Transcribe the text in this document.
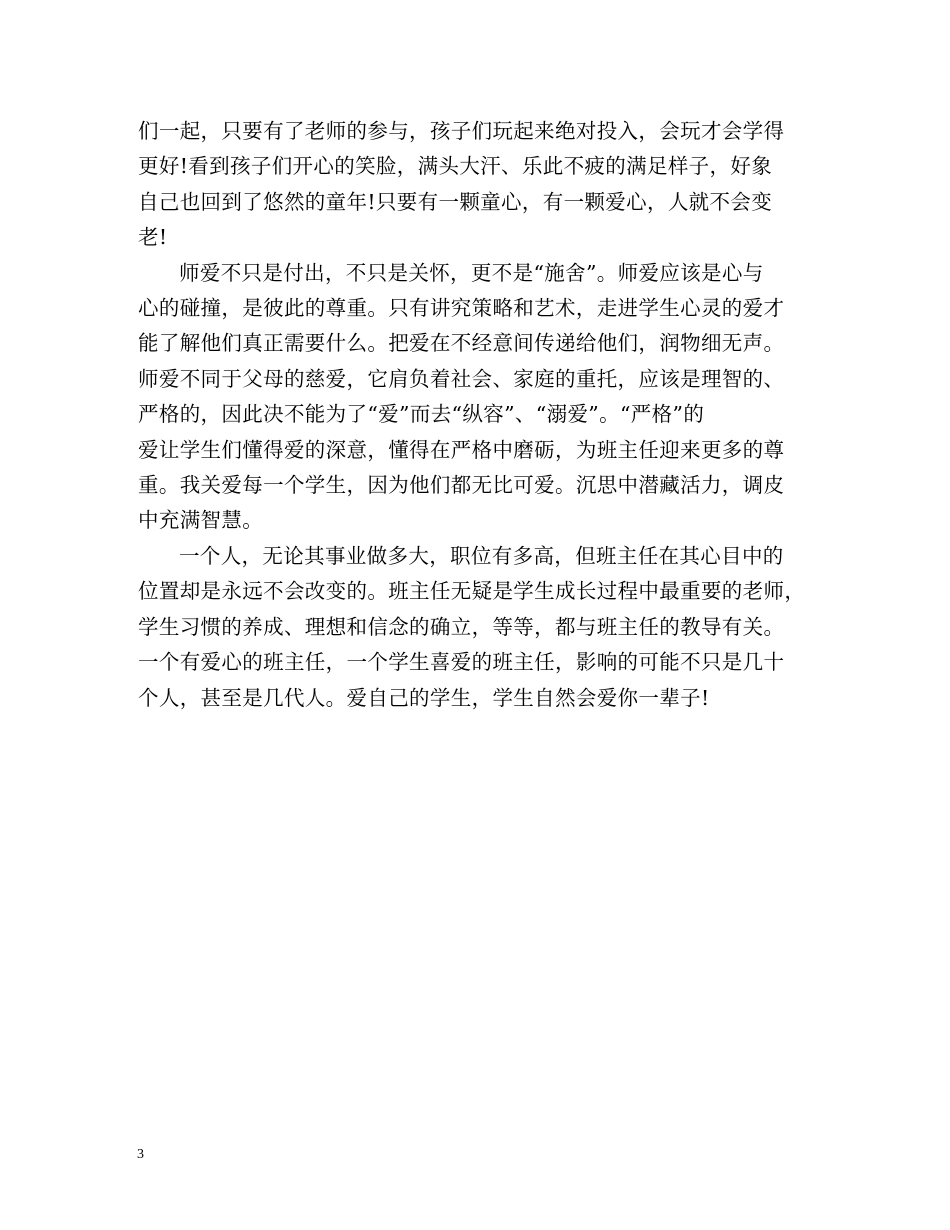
们一起，只要有了老师的参与，孩子们玩起来绝对投入，会玩才会学得
更好!看到孩子们开心的笑脸，满头大汗、乐此不疲的满足样子，好象
自己也回到了悠然的童年!只要有一颗童心，有一颗爱心，人就不会变
老!

师爱不只是付出，不只是关怀，更不是“施舍”。师爱应该是心与
心的碰撞，是彼此的尊重。只有讲究策略和艺术，走进学生心灵的爱才
能了解他们真正需要什么。把爱在不经意间传递给他们，润物细无声。
师爱不同于父母的慈爱，它肩负着社会、家庭的重托，应该是理智的、
严格的，因此决不能为了“爱”而去“纵容”、“溺爱”。“严格”的
爱让学生们懂得爱的深意，懂得在严格中磨砺，为班主任迎来更多的尊
重。我关爱每一个学生，因为他们都无比可爱。沉思中潜藏活力，调皮
中充满智慧。

一个人，无论其事业做多大，职位有多高，但班主任在其心目中的
位置却是永远不会改变的。班主任无疑是学生成长过程中最重要的老师，
学生习惯的养成、理想和信念的确立，等等，都与班主任的教导有关。
一个有爱心的班主任，一个学生喜爱的班主任，影响的可能不只是几十
个人，甚至是几代人。爱自己的学生，学生自然会爱你一辈子!

3
